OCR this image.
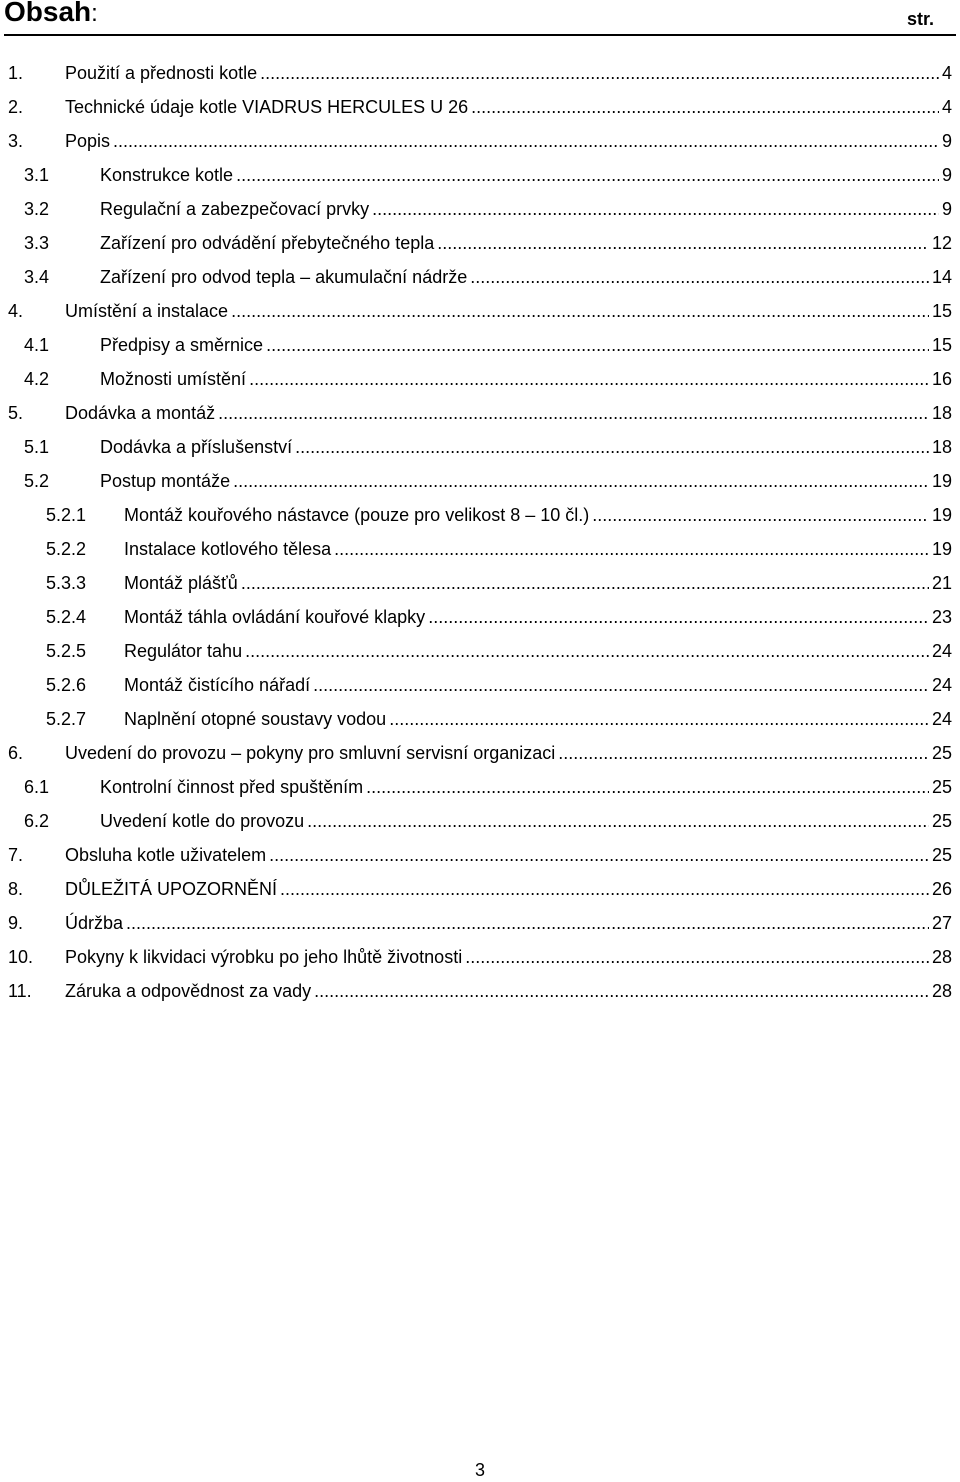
Obsah:	str.
1. Použití a přednosti kotle .....	4
2. Technické údaje kotle VIADRUS HERCULES U 26 .....	4
3. Popis .....	9
3.1	Konstrukce kotle .....	9
3.2	Regulační a zabezpečovací prvky .....	9
3.3	Zařízení pro odvádění přebytečného tepla .....	12
3.4	Zařízení pro odvod tepla – akumulační nádrže .....	14
4. Umístění a instalace .....	15
4.1	Předpisy a směrnice .....	15
4.2	Možnosti umístění .....	16
5. Dodávka a montáž .....	18
5.1	Dodávka a příslušenství .....	18
5.2	Postup montáže .....	19
5.2.1 Montáž kouřového nástavce (pouze pro velikost 8 – 10 čl.) .....	19
5.2.2 Instalace kotlového tělesa .....	19
5.3.3 Montáž plášťů .....	21
5.2.4 Montáž táhla ovládání kouřové klapky .....	23
5.2.5 Regulátor tahu .....	24
5.2.6 Montáž čistícího nářadí .....	24
5.2.7 Naplnění otopné soustavy vodou .....	24
6. Uvedení do provozu – pokyny pro smluvní servisní organizaci .....	25
6.1	Kontrolní činnost před spuštěním .....	25
6.2	Uvedení kotle do provozu .....	25
7. Obsluha kotle uživatelem .....	25
8. DŮLEŽITÁ UPOZORNĚNÍ .....	26
9. Údržba .....	27
10. Pokyny k likvidaci výrobku po jeho lhůtě životnosti .....	28
11. Záruka a odpovědnost za vady .....	28
3
